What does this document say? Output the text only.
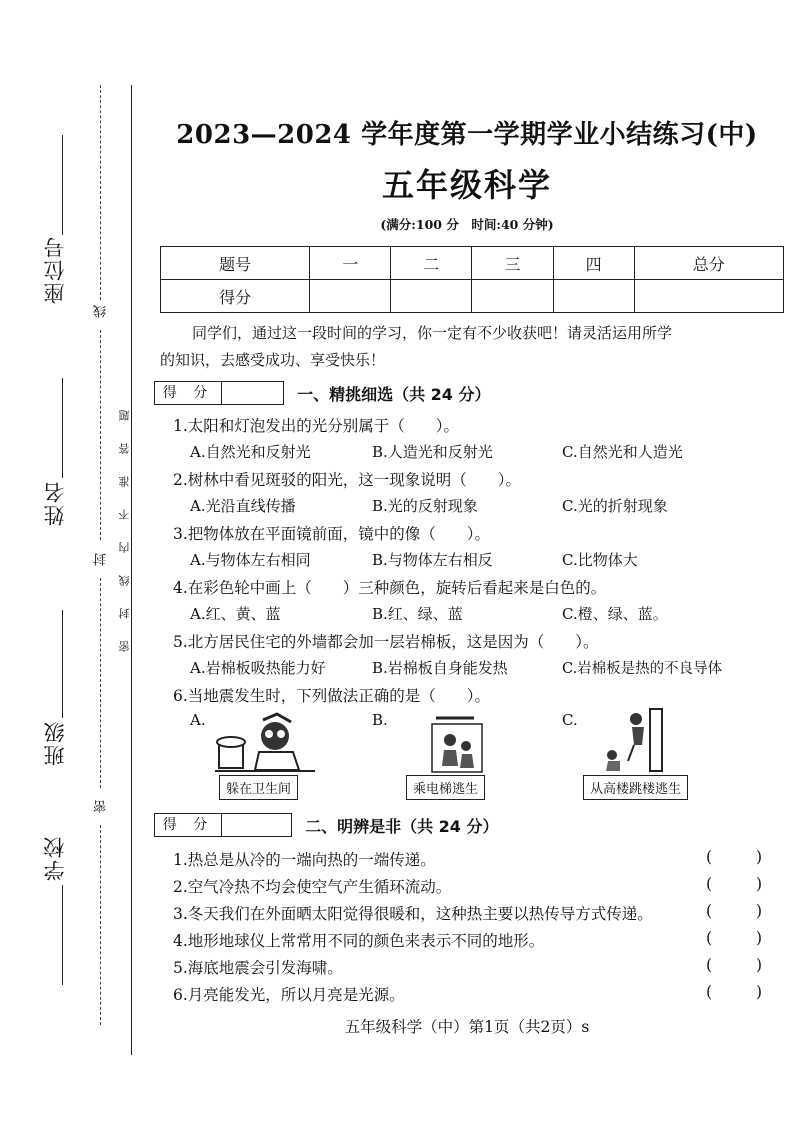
座位号
姓名
班级
学校
线
封
密
密封线内不准答题
2023—2024 学年度第一学期学业小结练习(中)
五年级科学
(满分:100 分　时间:40 分钟)
题号	一	二	三	四	总分
得分					
同学们，通过这一段时间的学习，你一定有不少收获吧！请灵活运用所学
的知识，去感受成功、享受快乐！
得 分	一、精挑细选（共 24 分）
1.太阳和灯泡发出的光分别属于（　　）。
A.自然光和反射光	B.人造光和反射光	C.自然光和人造光
2.树林中看见斑驳的阳光，这一现象说明（　　）。
A.光沿直线传播	B.光的反射现象	C.光的折射现象
3.把物体放在平面镜前面，镜中的像（　　）。
A.与物体左右相同	B.与物体左右相反	C.比物体大
4.在彩色轮中画上（　　）三种颜色，旋转后看起来是白色的。
A.红、黄、蓝	B.红、绿、蓝	C.橙、绿、蓝。
5.北方居民住宅的外墙都会加一层岩棉板，这是因为（　　）。
A.岩棉板吸热能力好	B.岩棉板自身能发热	C.岩棉板是热的不良导体
6.当地震发生时，下列做法正确的是（　　）。
A.	B.	C.
躲在卫生间	乘电梯逃生	从高楼跳楼逃生
得 分	二、明辨是非（共 24 分）
1.热总是从冷的一端向热的一端传递。	(	)
2.空气冷热不均会使空气产生循环流动。	(	)
3.冬天我们在外面晒太阳觉得很暖和，这种热主要以热传导方式传递。	(	)
4.地形地球仪上常常用不同的颜色来表示不同的地形。	(	)
5.海底地震会引发海啸。	(	)
6.月亮能发光，所以月亮是光源。	(	)
五年级科学（中）第1页（共2页）s
